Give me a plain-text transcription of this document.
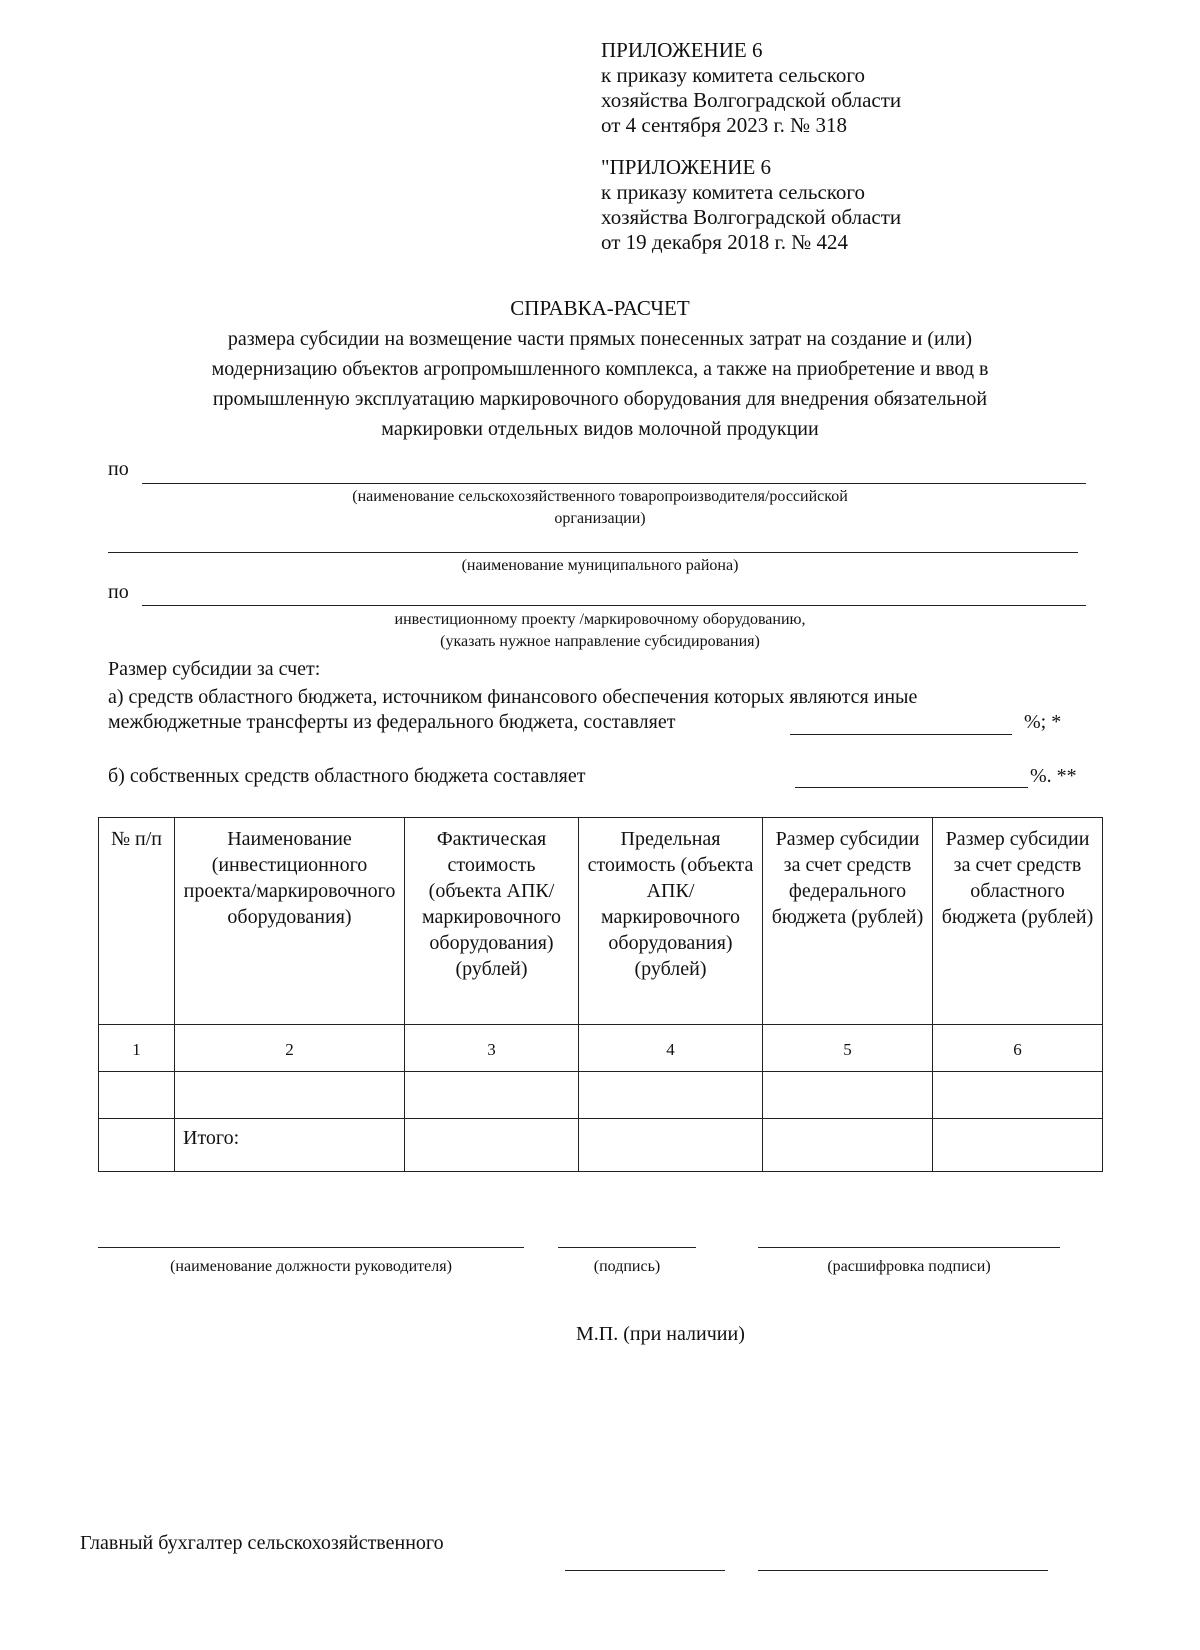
ПРИЛОЖЕНИЕ 6
к приказу комитета сельского
хозяйства Волгоградской области
от 4 сентября 2023 г. № 318
"ПРИЛОЖЕНИЕ 6
к приказу комитета сельского
хозяйства Волгоградской области
от 19 декабря 2018 г. № 424
СПРАВКА-РАСЧЕТ
размера субсидии на возмещение части прямых понесенных затрат на создание и (или)
модернизацию объектов агропромышленного комплекса, а также на приобретение и ввод в
промышленную эксплуатацию маркировочного оборудования для внедрения обязательной
маркировки отдельных видов молочной продукции
по
(наименование сельскохозяйственного товаропроизводителя/российской
организации)
(наименование муниципального района)
по
инвестиционному проекту /маркировочному оборудованию,
(указать нужное направление субсидирования)
Размер субсидии за счет:
а) средств областного бюджета, источником финансового обеспечения которых являются иные
межбюджетные трансферты из федерального бюджета, составляет	%; *
б) собственных средств областного бюджета составляет	%. **
№ п/п	Наименование (инвестиционного проекта/маркировочного оборудования)	Фактическая стоимость (объекта АПК/маркировочного оборудования) (рублей)	Предельная стоимость (объекта АПК/маркировочного оборудования) (рублей)	Размер субсидии за счет средств федерального бюджета (рублей)	Размер субсидии за счет средств областного бюджета (рублей)
1	2	3	4	5	6

	Итого:				
(наименование должности руководителя)	(подпись)	(расшифровка подписи)
М.П. (при наличии)
Главный бухгалтер сельскохозяйственного
